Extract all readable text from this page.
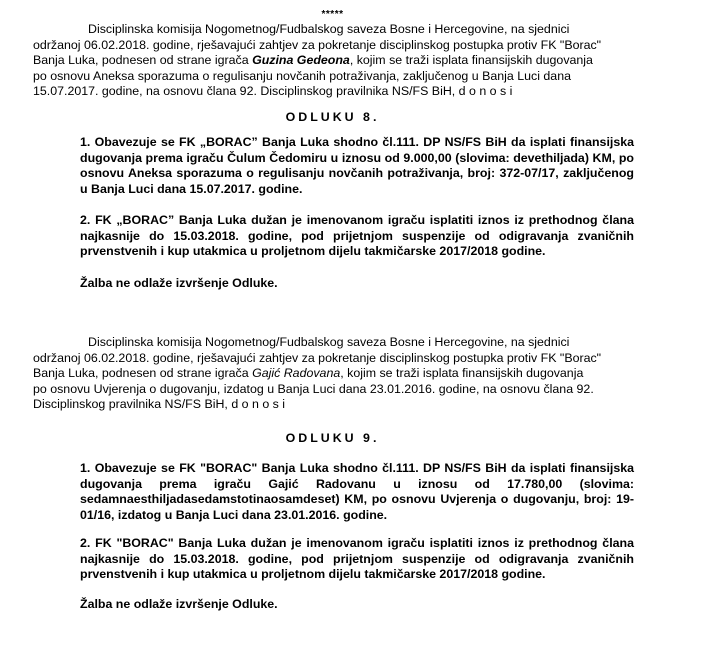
*****
Disciplinska komisija Nogometnog/Fudbalskog saveza Bosne i Hercegovine, na sjednici
održanoj 06.02.2018. godine, rješavajući zahtjev za pokretanje disciplinskog postupka protiv FK "Borac"
Banja Luka, podnesen od strane igrača Guzina Gedeona, kojim se traži isplata finansijskih dugovanja
po osnovu Aneksa sporazuma o regulisanju novčanih potraživanja, zaključenog u Banja Luci dana
15.07.2017. godine, na osnovu člana 92. Disciplinskog pravilnika NS/FS BiH, d o n o s i
ODLUKU 8.
1. Obavezuje se FK „BORAC” Banja Luka shodno čl.111. DP NS/FS BiH da isplati finansijska dugovanja prema igraču Čulum Čedomiru u iznosu od 9.000,00 (slovima: devethiljada) KM, po osnovu Aneksa sporazuma o regulisanju novčanih potraživanja, broj: 372-07/17, zaključenog u Banja Luci dana 15.07.2017. godine.
2. FK „BORAC” Banja Luka dužan je imenovanom igraču isplatiti iznos iz prethodnog člana najkasnije do 15.03.2018. godine, pod prijetnjom suspenzije od odigravanja zvaničnih prvenstvenih i kup utakmica u proljetnom dijelu takmičarske 2017/2018 godine.
Žalba ne odlaže izvršenje Odluke.
Disciplinska komisija Nogometnog/Fudbalskog saveza Bosne i Hercegovine, na sjednici
održanoj 06.02.2018. godine, rješavajući zahtjev za pokretanje disciplinskog postupka protiv FK "Borac"
Banja Luka, podnesen od strane igrača Gajić Radovana, kojim se traži isplata finansijskih dugovanja
po osnovu Uvjerenja o dugovanju, izdatog u Banja Luci dana 23.01.2016. godine, na osnovu člana 92.
Disciplinskog pravilnika NS/FS BiH, d o n o s i
ODLUKU 9.
1. Obavezuje se FK "BORAC" Banja Luka shodno čl.111. DP NS/FS BiH da isplati finansijska dugovanja prema igraču Gajić Radovanu u iznosu od 17.780,00 (slovima: sedamnaesthiljadasedamstotinaosamdeset) KM, po osnovu Uvjerenja o dugovanju, broj: 19-01/16, izdatog u Banja Luci dana 23.01.2016. godine.
2. FK "BORAC" Banja Luka dužan je imenovanom igraču isplatiti iznos iz prethodnog člana najkasnije do 15.03.2018. godine, pod prijetnjom suspenzije od odigravanja zvaničnih prvenstvenih i kup utakmica u proljetnom dijelu takmičarske 2017/2018 godine.
Žalba ne odlaže izvršenje Odluke.
